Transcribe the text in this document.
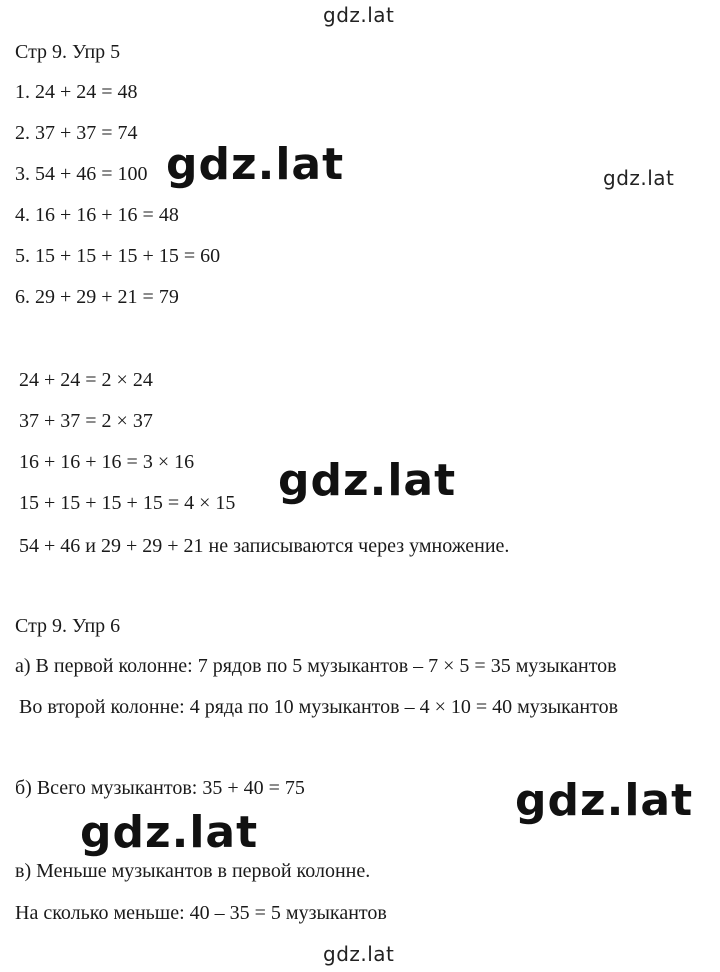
gdz.lat
gdz.lat	gdz.lat
gdz.lat
gdz.lat
gdz.lat
gdz.lat
Стр 9. Упр 5
1. 24 + 24 = 48
2. 37 + 37 = 74
3. 54 + 46 = 100
4. 16 + 16 + 16 = 48
5. 15 + 15 + 15 + 15 = 60
6. 29 + 29 + 21 = 79
24 + 24 = 2 × 24
37 + 37 = 2 × 37
16 + 16 + 16 = 3 × 16
15 + 15 + 15 + 15 = 4 × 15
54 + 46 и 29 + 29 + 21 не записываются через умножение.
Стр 9. Упр 6
а) В первой колонне: 7 рядов по 5 музыкантов – 7 × 5 = 35 музыкантов
Во второй колонне: 4 ряда по 10 музыкантов – 4 × 10 = 40 музыкантов
б) Всего музыкантов: 35 + 40 = 75
в) Меньше музыкантов в первой колонне.
На сколько меньше: 40 – 35 = 5 музыкантов
